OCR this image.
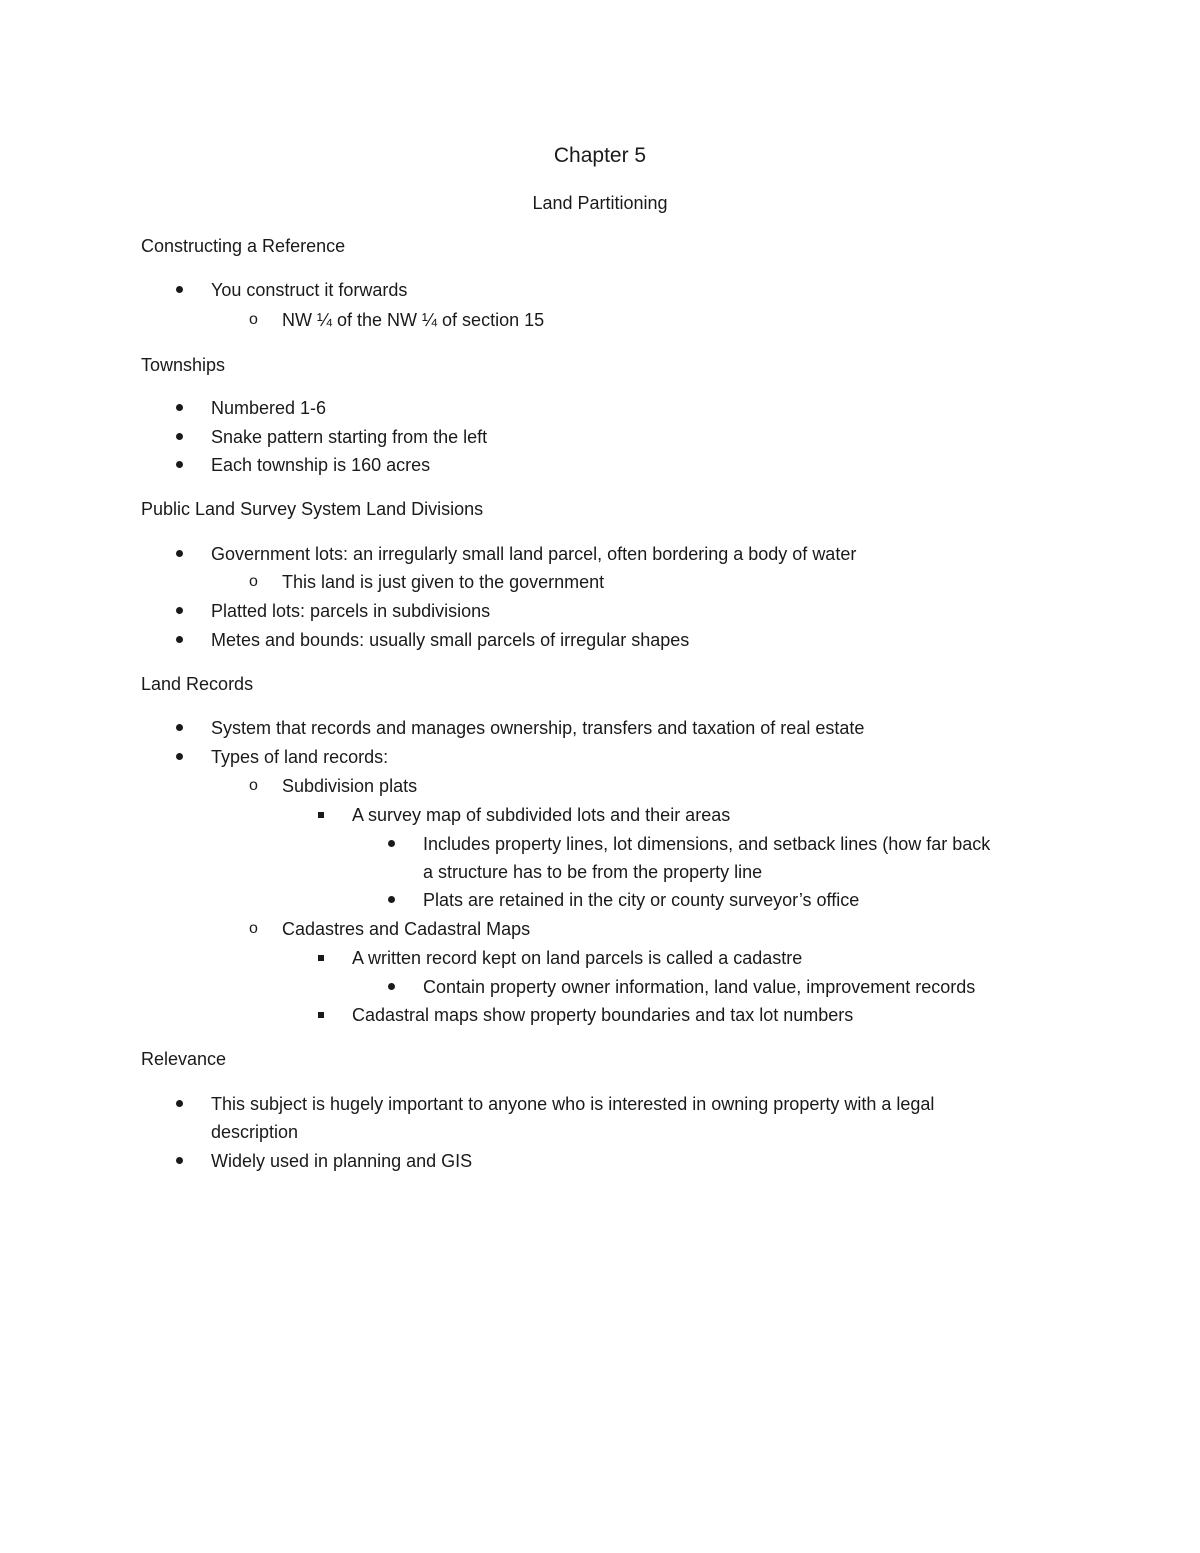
Chapter 5
Land Partitioning
Constructing a Reference
You construct it forwards
o NW ¼ of the NW ¼ of section 15
Townships
Numbered 1-6
Snake pattern starting from the left
Each township is 160 acres
Public Land Survey System Land Divisions
Government lots: an irregularly small land parcel, often bordering a body of water
o This land is just given to the government
Platted lots: parcels in subdivisions
Metes and bounds: usually small parcels of irregular shapes
Land Records
System that records and manages ownership, transfers and taxation of real estate
Types of land records:
o Subdivision plats
A survey map of subdivided lots and their areas
Includes property lines, lot dimensions, and setback lines (how far back
a structure has to be from the property line
Plats are retained in the city or county surveyor’s office
o Cadastres and Cadastral Maps
A written record kept on land parcels is called a cadastre
Contain property owner information, land value, improvement records
Cadastral maps show property boundaries and tax lot numbers
Relevance
This subject is hugely important to anyone who is interested in owning property with a legal
description
Widely used in planning and GIS
